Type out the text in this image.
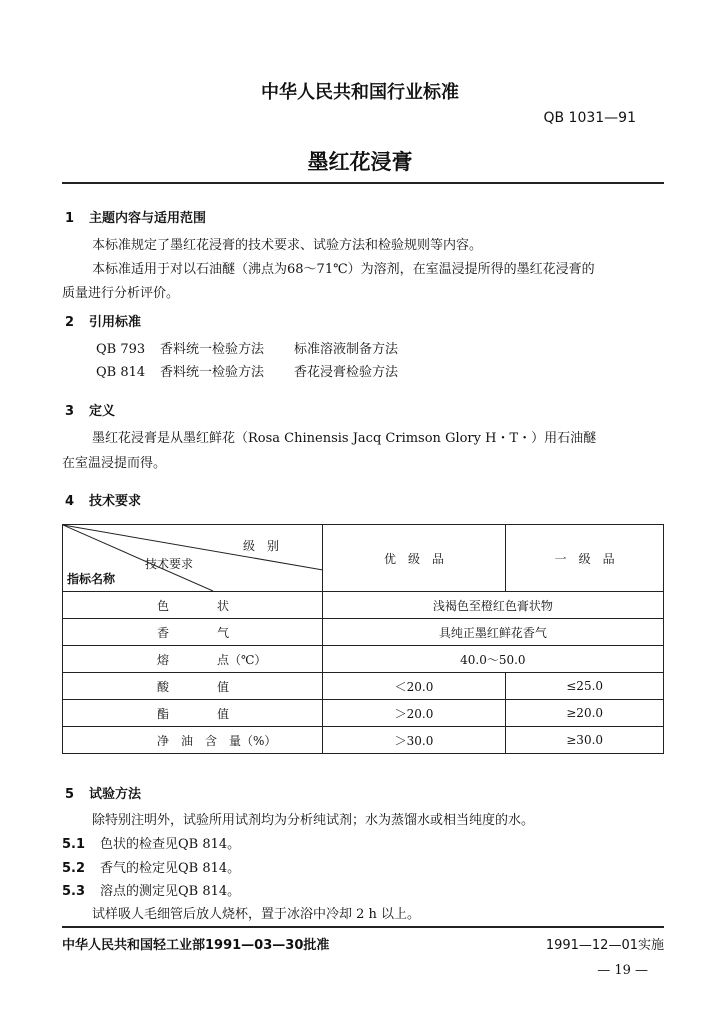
中华人民共和国行业标准
QB 1031—91
墨红花浸膏
1 主题内容与适用范围
本标准规定了墨红花浸膏的技术要求、试验方法和检验规则等内容。
本标准适用于对以石油醚（沸点为68～71℃）为溶剂，在室温浸提所得的墨红花浸膏的
质量进行分析评价。
2 引用标准
QB 793 香料统一检验方法 标准溶液制备方法
QB 814 香料统一检验方法 香花浸膏检验方法
3 定义
墨红花浸膏是从墨红鲜花（Rosa Chinensis Jacq Crimson Glory H・T・）用石油醚
在室温浸提而得。
4 技术要求
级　别
技术要求
指标名称	优　级　品	一　级　品
色　　　　状	浅褐色至橙红色膏状物	
香　　　　气	具纯正墨红鲜花香气	
熔　　　　点（℃）	40.0～50.0	
酸　　　　值	＜20.0	≤25.0
酯　　　　值	＞20.0	≥20.0
净　油　含　量（%）	＞30.0	≥30.0
5 试验方法
除特别注明外，试验所用试剂均为分析纯试剂；水为蒸馏水或相当纯度的水。
5.1 色状的检查见QB 814。
5.2 香气的检定见QB 814。
5.3 溶点的测定见QB 814。
试样吸人毛细管后放人烧杯，置于冰浴中冷却 2 h 以上。
中华人民共和国轻工业部1991—03—30批准	1991—12—01实施
— 19 —
